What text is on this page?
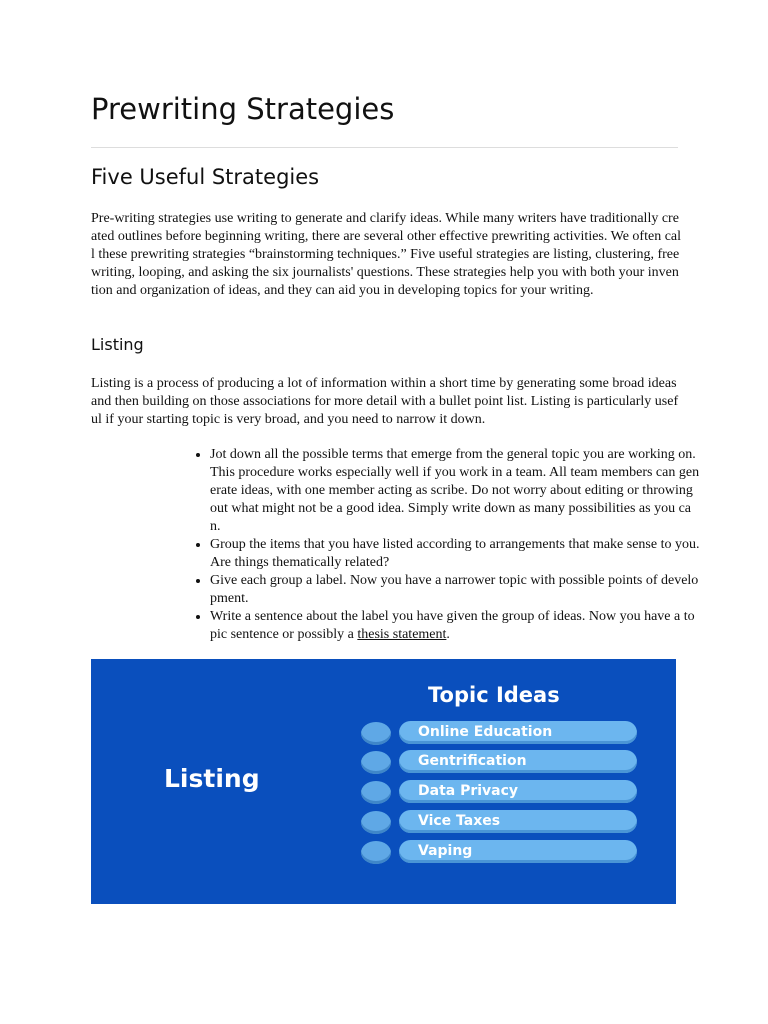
Prewriting Strategies
Five Useful Strategies

Pre-writing strategies use writing to generate and clarify ideas. While many writers have traditionally created outlines before beginning writing, there are several other effective prewriting activities. We often call these prewriting strategies “brainstorming techniques.” Five useful strategies are listing, clustering, freewriting, looping, and asking the six journalists' questions. These strategies help you with both your invention and organization of ideas, and they can aid you in developing topics for your writing.

Listing

Listing is a process of producing a lot of information within a short time by generating some broad ideas and then building on those associations for more detail with a bullet point list. Listing is particularly useful if your starting topic is very broad, and you need to narrow it down.

• Jot down all the possible terms that emerge from the general topic you are working on. This procedure works especially well if you work in a team. All team members can generate ideas, with one member acting as scribe. Do not worry about editing or throwing out what might not be a good idea. Simply write down as many possibilities as you can.
• Group the items that you have listed according to arrangements that make sense to you. Are things thematically related?
• Give each group a label. Now you have a narrower topic with possible points of development.
• Write a sentence about the label you have given the group of ideas. Now you have a topic sentence or possibly a thesis statement.
Listing
Topic Ideas
Online Education
Gentrification
Data Privacy
Vice Taxes
Vaping
